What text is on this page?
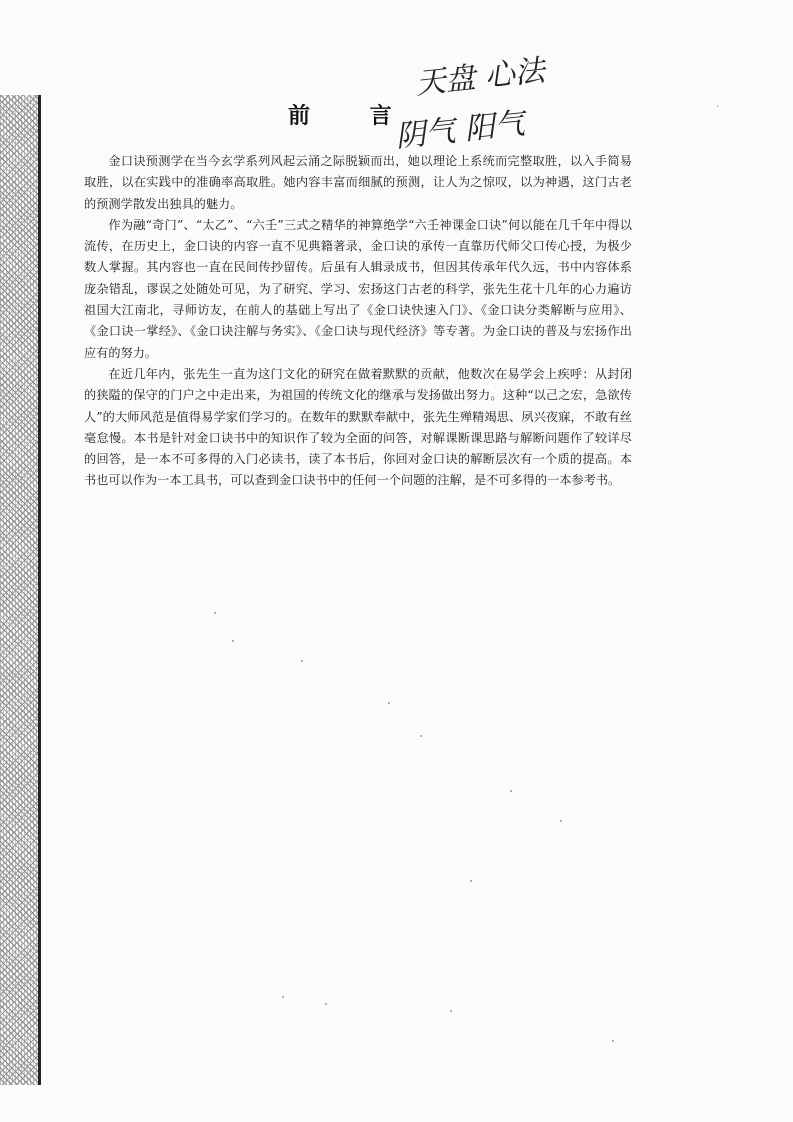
天盘 心法
阴气 阳气
前 言	·

金口诀预测学在当今玄学系列风起云涌之际脱颖而出，她以理论上系统而完整取胜，以入手简易取胜，以在实践中的准确率高取胜。她内容丰富而细腻的预测，让人为之惊叹，以为神遇，这门古老的预测学散发出独具的魅力。

作为融“奇门”、“太乙”、“六壬”三式之精华的神算绝学“六壬神课金口诀”何以能在几千年中得以流传，在历史上，金口诀的内容一直不见典籍著录，金口诀的承传一直靠历代师父口传心授，为极少数人掌握。其内容也一直在民间传抄留传。后虽有人辑录成书，但因其传承年代久远，书中内容体系庞杂错乱，谬误之处随处可见，为了研究、学习、宏扬这门古老的科学，张先生花十几年的心力遍访祖国大江南北，寻师访友，在前人的基础上写出了《金口诀快速入门》、《金口诀分类解断与应用》、《金口诀一掌经》、《金口诀注解与务实》、《金口诀与现代经济》等专著。为金口诀的普及与宏扬作出应有的努力。

在近几年内，张先生一直为这门文化的研究在做着默默的贡献，他数次在易学会上疾呼：从封闭的狭隘的保守的门户之中走出来，为祖国的传统文化的继承与发扬做出努力。这种“以己之宏，急欲传人”的大师风范是值得易学家们学习的。在数年的默默奉献中，张先生殚精竭思、夙兴夜寐，不敢有丝毫怠慢。本书是针对金口诀书中的知识作了较为全面的问答，对解课断课思路与解断问题作了较详尽的回答，是一本不可多得的入门必读书，读了本书后，你回对金口诀的解断层次有一个质的提高。本书也可以作为一本工具书，可以查到金口诀书中的任何一个问题的注解，是不可多得的一本参考书。
